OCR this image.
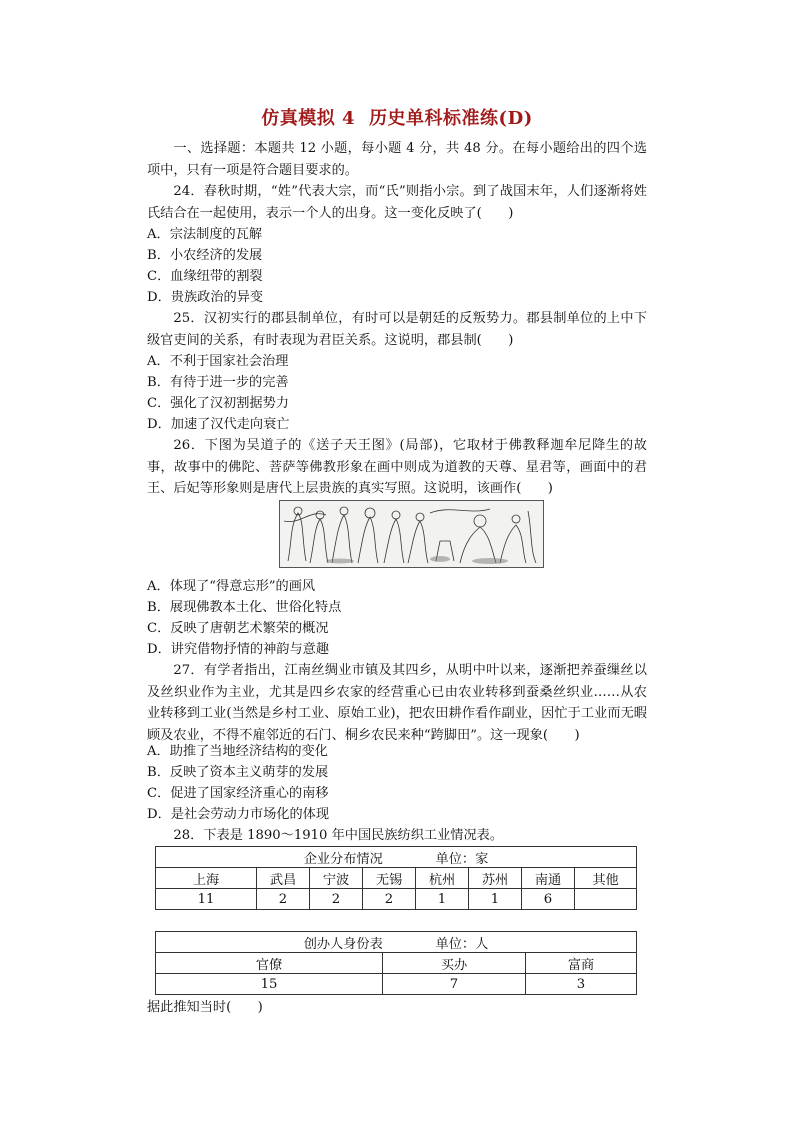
仿真模拟 4 历史单科标准练(D)
一、选择题：本题共 12 小题，每小题 4 分，共 48 分。在每小题给出的四个选项中，只有一项是符合题目要求的。
24．春秋时期，“姓”代表大宗，而“氏”则指小宗。到了战国末年，人们逐渐将姓氏结合在一起使用，表示一个人的出身。这一变化反映了(　　)
A．宗法制度的瓦解
B．小农经济的发展
C．血缘纽带的割裂
D．贵族政治的异变
25．汉初实行的郡县制单位，有时可以是朝廷的反叛势力。郡县制单位的上中下级官吏间的关系，有时表现为君臣关系。这说明，郡县制(　　)
A．不利于国家社会治理
B．有待于进一步的完善
C．强化了汉初割据势力
D．加速了汉代走向衰亡
26．下图为吴道子的《送子天王图》(局部)，它取材于佛教释迦牟尼降生的故事，故事中的佛陀、菩萨等佛教形象在画中则成为道教的天尊、星君等，画面中的君王、后妃等形象则是唐代上层贵族的真实写照。这说明，该画作(　　)
A．体现了“得意忘形”的画风
B．展现佛教本土化、世俗化特点
C．反映了唐朝艺术繁荣的概况
D．讲究借物抒情的神韵与意趣
27．有学者指出，江南丝绸业市镇及其四乡，从明中叶以来，逐渐把养蚕缫丝以及丝织业作为主业，尤其是四乡农家的经营重心已由农业转移到蚕桑丝织业……从农业转移到工业(当然是乡村工业、原始工业)，把农田耕作看作副业，因忙于工业而无暇顾及农业，不得不雇邻近的石门、桐乡农民来种“跨脚田”。这一现象(　　)
A．助推了当地经济结构的变化
B．反映了资本主义萌芽的发展
C．促进了国家经济重心的南移
D．是社会劳动力市场化的体现
28．下表是 1890～1910 年中国民族纺织工业情况表。
企业分布情况　　　　单位：家							
上海	武昌	宁波	无锡	杭州	苏州	南通	其他
11	2	2	2	1	1	6	
创办人身份表　　　　单位：人		
官僚	买办	富商
15	7	3
据此推知当时(　　)
